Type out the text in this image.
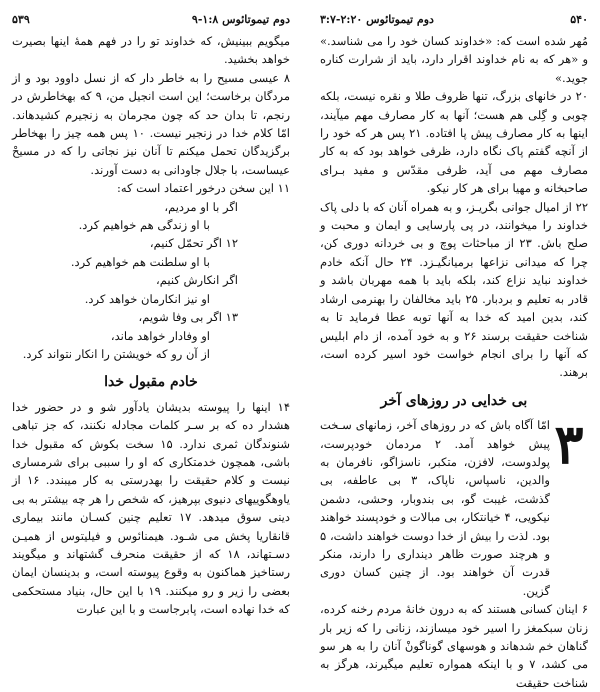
۵۴۰
دوم تیموتائوس ۲:۲۰-۳:۷
دوم تیموتائوس ۱:۸-۹
۵۳۹

مُهر شده است که: «خداوند کسان خود را می شناسد.» و «هر که به نام خداوند اقرار دارد، باید از شرارت کناره جوید.»

۲۰ در خانهای بزرگ، تنها ظروف طلا و نقره نیست، بلکه چوبی و گِلی هم هست؛ آنها به کار مصارف مهم میآیند، اینها به کار مصارف پیش پا افتاده. ۲۱ پس هر که خود را از آنچه گفتم پاک نگاه دارد، ظرفی خواهد بود که به کار مصارف مهم می آید، ظرفی مقدّس و مفید بـرای صاحبخانه و مهیا برای هر کار نیکو.

۲۲ از امیال جوانی بگریـز، و به همراه آنان که با دلی پاک خداوند را میخوانند، در پی پارسایی و ایمان و محبت و صلح باش. ۲۳ از مباحثات پوچ و بی خردانه دوری کن، چرا که میدانی نزاعها برمیانگیـزد. ۲۴ حال آنکه خادم خداوند نباید نزاع کند، بلکه باید با همه مهربان باشد و قادر به تعلیم و بردبار. ۲۵ باید مخالفان را بهنرمی ارشاد کند، بدین امید که خدا به آنها توبه عطا فرماید تا به شناخت حقیقت برسند ۲۶ و به خود آمده، از دام ابلیس که آنها را برای انجام خواست خود اسیر کرده است، برهند.

بی خدایی در روزهای آخر
۳

امّا آگاه باش که در روزهای آخر، زمانهای سـخت پیش خواهد آمد. ۲ مردمان خودپرست، پولدوست، لافزن، متکبر، ناسزاگو، نافرمان به والدین، ناسپاس، ناپاک، ۳ بی عاطفه، بی گذشت، غیبت گو، بی بندوبار، وحشی، دشمن نیکویی، ۴ خیانتکار، بی مبالات و خودپسند خواهند بود. لذت را بیش از خدا دوست خواهند داشت، ۵ و هرچند صورت ظاهر دینداری را دارند، منکر قدرت آن خواهند بود. از چنین کسان دوری گزین.

۶ اینان کسانی هستند که به درون خانهٔ مردم رخنه کرده، زنان سبکمغز را اسیر خود میسازند، زنانی را که زیر بار گناهان خم شدهاند و هوسهای گوناگونْ آنان را به هر سو می کشد، ۷ و با اینکه همواره تعلیم میگیرند، هرگز به شناخت حقیقت

میگویم ببینیش، که خداوند تو را در فهم همهٔ اینها بصیرت خواهد بخشید.

۸ عیسی مسیح را به خاطر دار که از نسل داوود بود و از مردگان برخاست؛ این است انجیل من، ۹ که بهخاطرش در رنجم، تا بدان حد که چون مجرمان به زنجیرم کشیدهاند. امّا کلام خدا در زنجیر نیست. ۱۰ پس همه چیز را بهخاطر برگزیدگان تحمل میکنم تا آنان نیز نجاتی را که در مسیحْ عیساست، با جلال جاودانی به دست آورند.

۱۱ این سخن درخور اعتماد است که:

اگر با او مردیم،
با او زندگی هم خواهیم کرد.
۱۲ اگر تحمّل کنیم،
با او سلطنت هم خواهیم کرد.
اگر انکارش کنیم،
او نیز انکارمان خواهد کرد.
۱۳ اگر بی وفا شویم،
او وفادار خواهد ماند،
از آن رو که خویشتن را انکار نتواند کرد.
خادم مقبول خدا

۱۴ اینها را پیوسته بدیشان یادآور شو و در حضور خدا هشدار ده که بر سـر کلمات مجادله نکنند، که جز تباهی شنوندگان ثمری ندارد. ۱۵ سخت بکوش که مقبول خدا باشی، همچون خدمتکاری که او را سببی برای شرمساری نیست و کلام حقیقت را بهدرستی به کار میبندد. ۱۶ از یاوهگوییهای دنیوی بپرهیز، که شخص را هر چه بیشتر به بی دینی سوق میدهد. ۱۷ تعلیم چنین کسـان مانند بیماری قانقاریا پخش می شـود. هیمنائوس و فیلیتوس از همیـن دسـتهاند، ۱۸ که از حقیقت منحرف گشتهاند و میگویند رستاخیز هماکنون به وقوع پیوسته است، و بدینسان ایمان بعضی را زیر و رو میکنند. ۱۹ با این حال، بنیاد مستحکمی که خدا نهاده است، پابرجاست و با این عبارت
